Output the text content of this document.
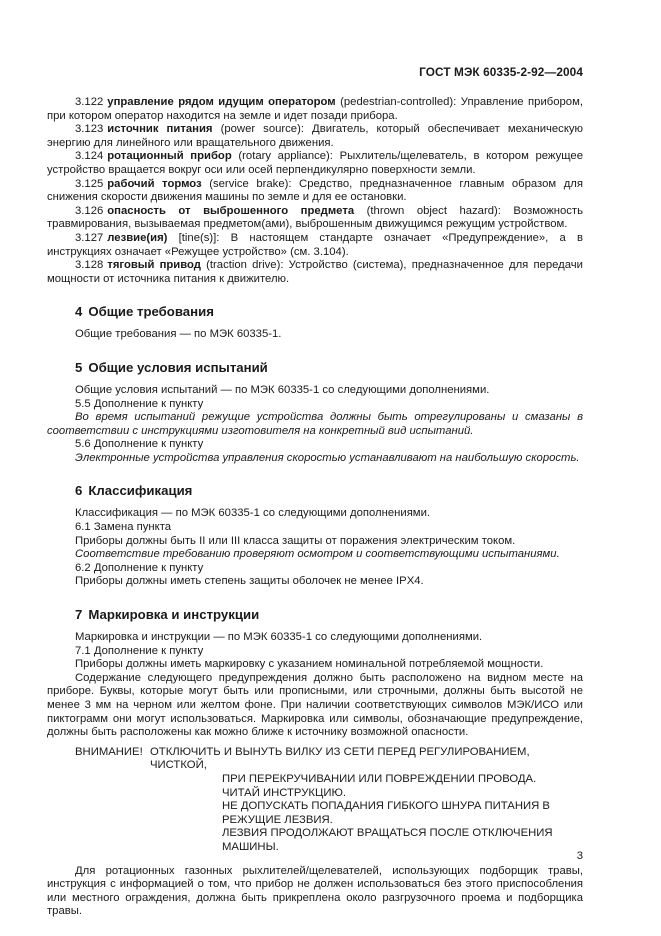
ГОСТ МЭК 60335-2-92—2004

3.122 управление рядом идущим оператором (pedestrian-controlled): Управление прибором, при котором оператор находится на земле и идет позади прибора.

3.123 источник питания (power source): Двигатель, который обеспечивает механическую энергию для линейного или вращательного движения.

3.124 ротационный прибор (rotary appliance): Рыхлитель/щелеватель, в котором режущее устройство вращается вокруг оси или осей перпендикулярно поверхности земли.

3.125 рабочий тормоз (service brake): Средство, предназначенное главным образом для снижения скорости движения машины по земле и для ее остановки.

3.126 опасность от выброшенного предмета (thrown object hazard): Возможность травмирования, вызываемая предметом(ами), выброшенным движущимся режущим устройством.

3.127 лезвие(ия) [tine(s)]: В настоящем стандарте означает «Предупреждение», а в инструкциях означает «Режущее устройство» (см. 3.104).

3.128 тяговый привод (traction drive): Устройство (система), предназначенное для передачи мощности от источника питания к движителю.

4 Общие требования

Общие требования — по МЭК 60335-1.

5 Общие условия испытаний

Общие условия испытаний — по МЭК 60335-1 со следующими дополнениями.

5.5 Дополнение к пункту

Во время испытаний режущие устройства должны быть отрегулированы и смазаны в соответствии с инструкциями изготовителя на конкретный вид испытаний.

5.6 Дополнение к пункту

Электронные устройства управления скоростью устанавливают на наибольшую скорость.

6 Классификация

Классификация — по МЭК 60335-1 со следующими дополнениями.

6.1 Замена пункта

Приборы должны быть II или III класса защиты от поражения электрическим током.

Соответствие требованию проверяют осмотром и соответствующими испытаниями.

6.2 Дополнение к пункту

Приборы должны иметь степень защиты оболочек не менее IPX4.

7 Маркировка и инструкции

Маркировка и инструкции — по МЭК 60335-1 со следующими дополнениями.

7.1 Дополнение к пункту

Приборы должны иметь маркировку с указанием номинальной потребляемой мощности.

Содержание следующего предупреждения должно быть расположено на видном месте на приборе. Буквы, которые могут быть или прописными, или строчными, должны быть высотой не менее 3 мм на черном или желтом фоне. При наличии соответствующих символов МЭК/ИСО или пиктограмм они могут использоваться. Маркировка или символы, обозначающие предупреждение, должны быть расположены как можно ближе к источнику возможной опасности.

ВНИМАНИЕ! ОТКЛЮЧИТЬ И ВЫНУТЬ ВИЛКУ ИЗ СЕТИ ПЕРЕД РЕГУЛИРОВАНИЕМ, ЧИСТКОЙ,
ПРИ ПЕРЕКРУЧИВАНИИ ИЛИ ПОВРЕЖДЕНИИ ПРОВОДА.
ЧИТАЙ ИНСТРУКЦИЮ.
НЕ ДОПУСКАТЬ ПОПАДАНИЯ ГИБКОГО ШНУРА ПИТАНИЯ В РЕЖУЩИЕ ЛЕЗВИЯ.
ЛЕЗВИЯ ПРОДОЛЖАЮТ ВРАЩАТЬСЯ ПОСЛЕ ОТКЛЮЧЕНИЯ МАШИНЫ.

Для ротационных газонных рыхлителей/щелевателей, использующих подборщик травы, инструкция с информацией о том, что прибор не должен использоваться без этого приспособления или местного ограждения, должна быть прикреплена около разгрузочного проема и подборщика травы.

3
